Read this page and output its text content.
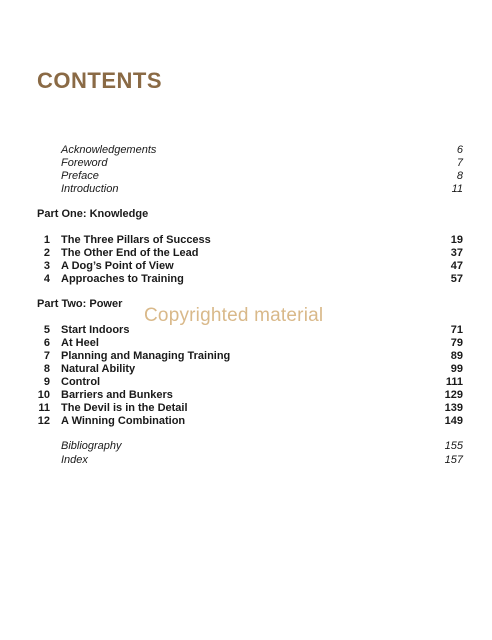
CONTENTS
Acknowledgements	6
Foreword	7
Preface	8
Introduction	11
Part One: Knowledge
1 The Three Pillars of Success	19
2 The Other End of the Lead	37
3 A Dog’s Point of View	47
4 Approaches to Training	57
Part Two: Power
5 Start Indoors	71
6 At Heel	79
7 Planning and Managing Training	89
8 Natural Ability	99
9 Control	111
10 Barriers and Bunkers	129
11 The Devil is in the Detail	139
12 A Winning Combination	149
Bibliography	155
Index	157
Copyrighted material
